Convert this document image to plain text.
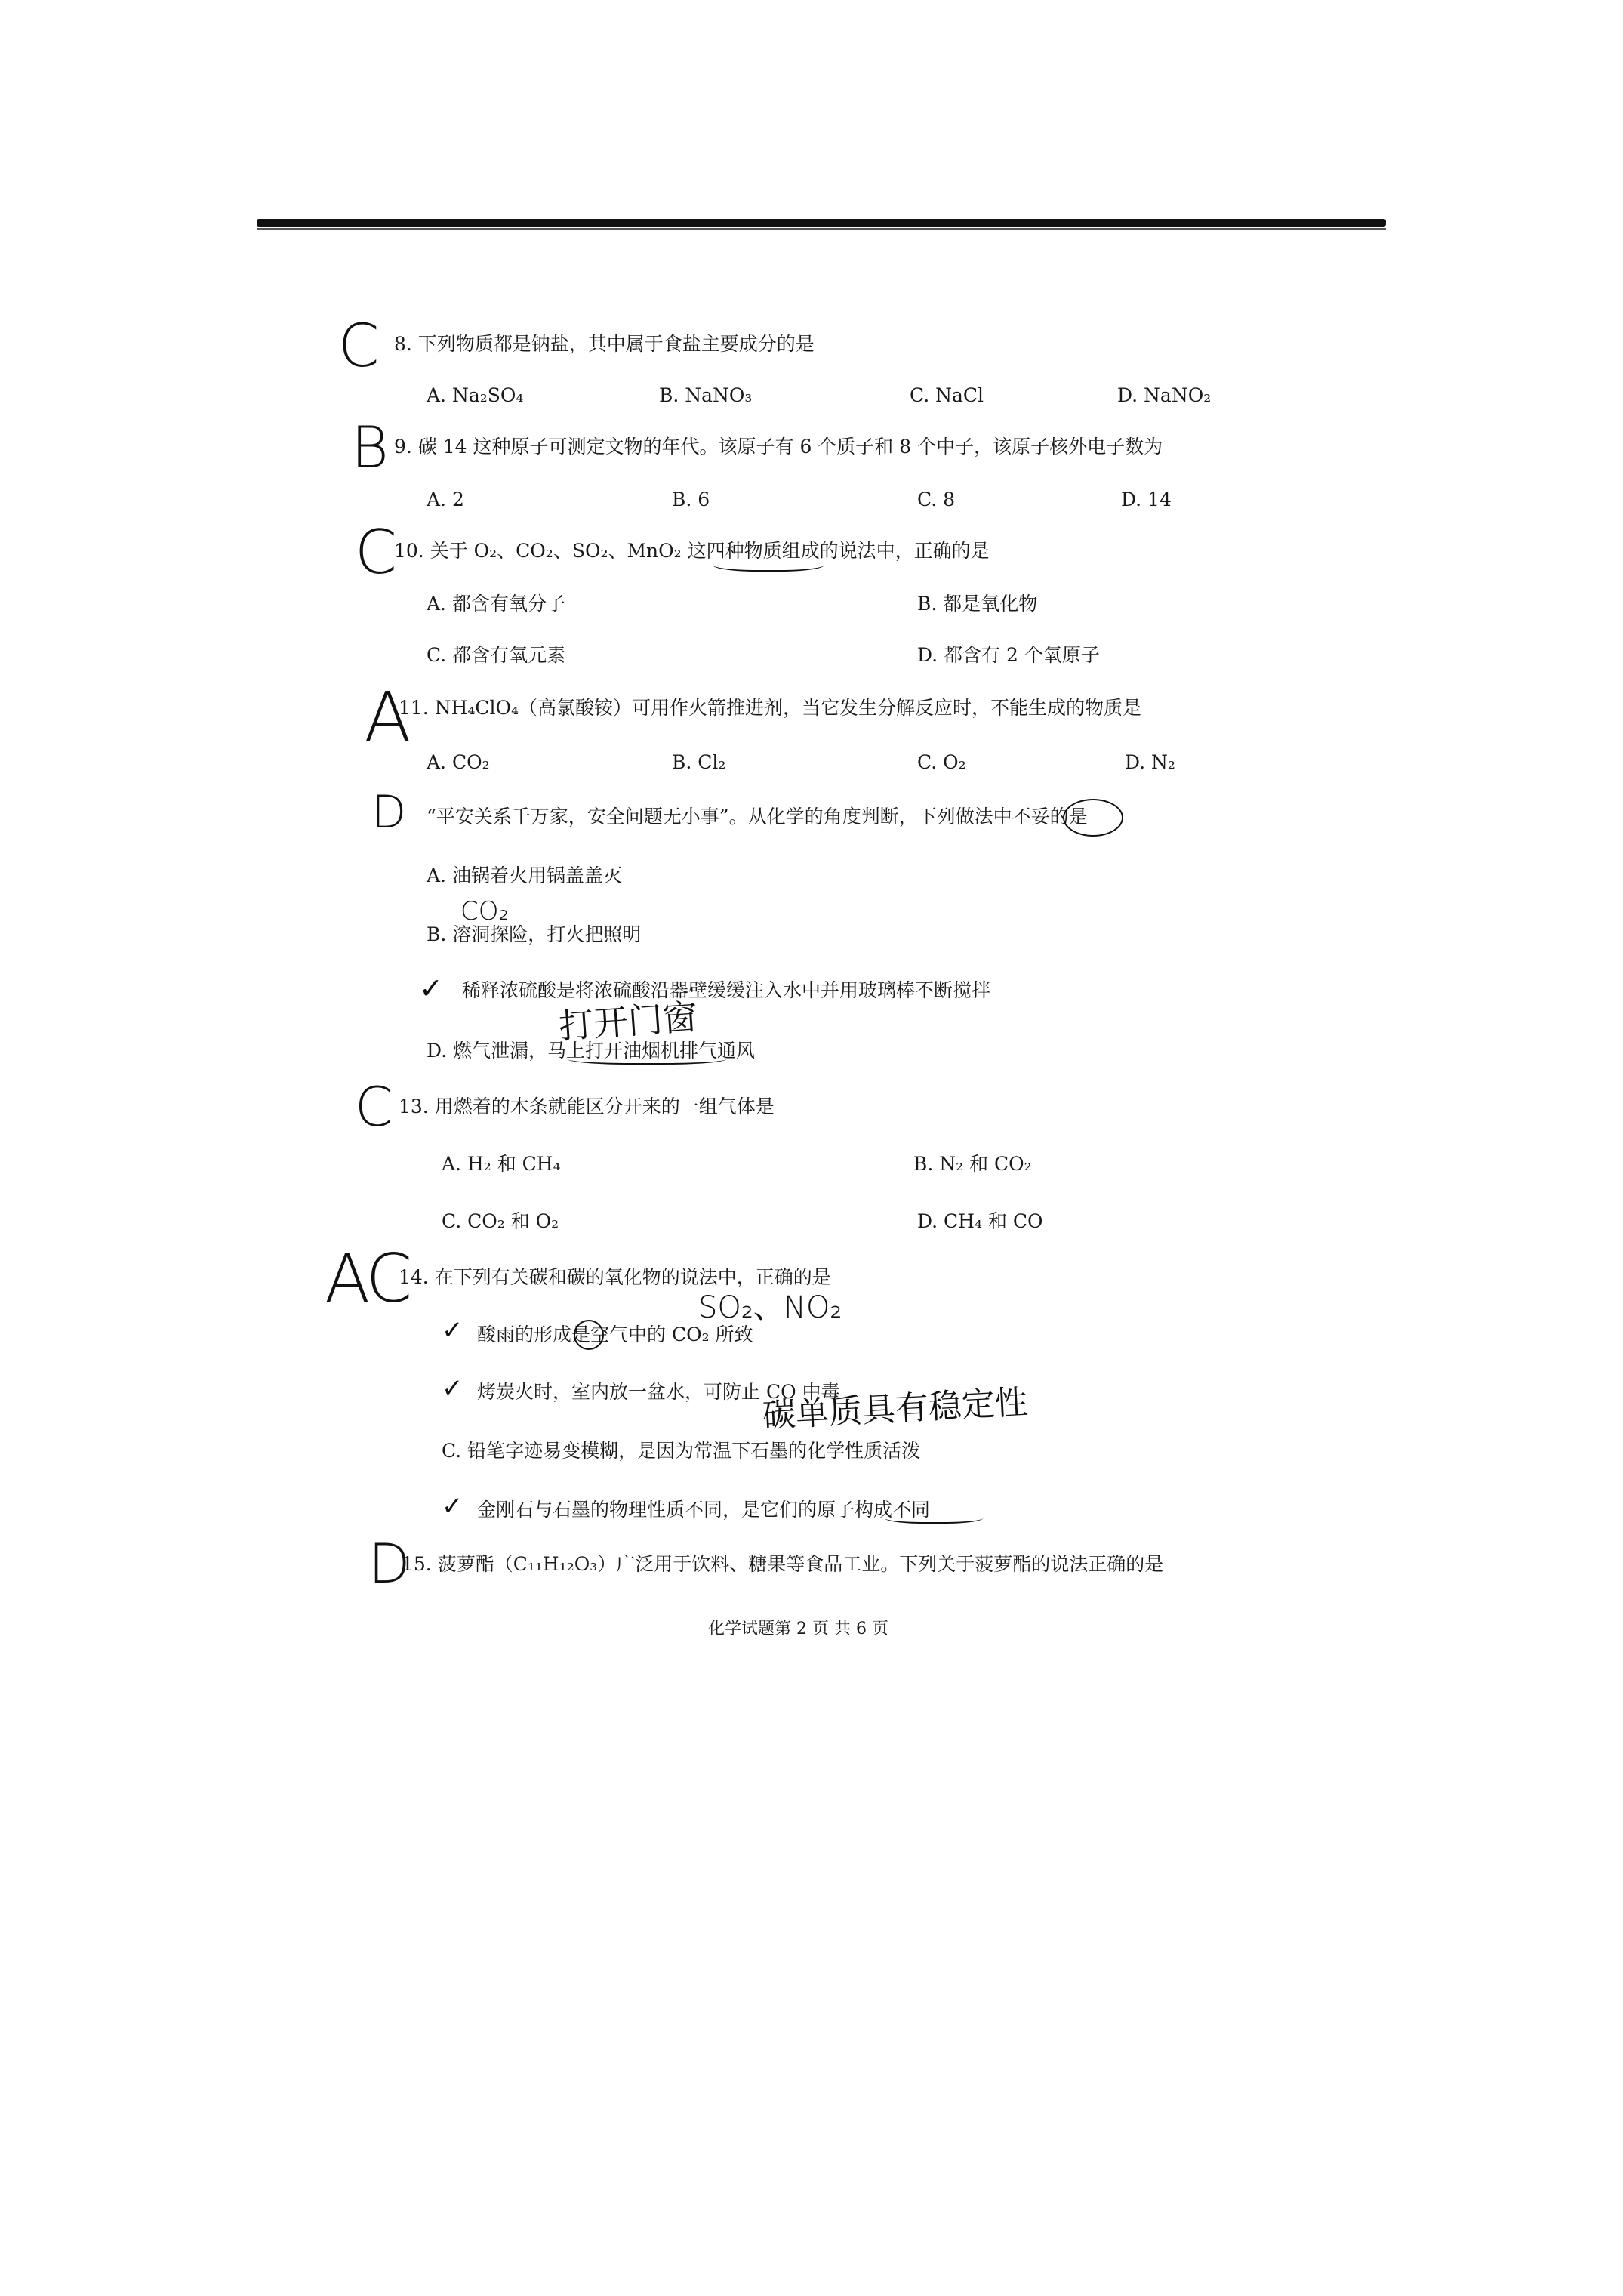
C 8. 下列物质都是钠盐，其中属于食盐主要成分的是
A. Na₂SO₄	B. NaNO₃	C. NaCl	D. NaNO₂
B 9. 碳 14 这种原子可测定文物的年代。该原子有 6 个质子和 8 个中子，该原子核外电子数为
A. 2	B. 6	C. 8	D. 14
C
10. 关于 O₂、CO₂、SO₂、MnO₂ 这四种物质组成的说法中，正确的是
A. 都含有氧分子	B. 都是氧化物
C. 都含有氧元素	D. 都含有 2 个氧原子
A
11. NH₄ClO₄（高氯酸铵）可用作火箭推进剂，当它发生分解反应时，不能生成的物质是
A. CO₂	B. Cl₂	C. O₂	D. N₂
D “平安关系千万家，安全问题无小事”。从化学的角度判断，下列做法中不妥的是
A. 油锅着火用锅盖盖灭
CO₂
B. 溶洞探险，打火把照明
✓ 稀释浓硫酸是将浓硫酸沿器壁缓缓注入水中并用玻璃棒不断搅拌
打开门窗
D. 燃气泄漏，马上打开油烟机排气通风
C 13. 用燃着的木条就能区分开来的一组气体是
A. H₂ 和 CH₄	B. N₂ 和 CO₂
C. CO₂ 和 O₂	D. CH₄ 和 CO
AC
14. 在下列有关碳和碳的氧化物的说法中，正确的是
SO₂、NO₂
✓ 酸雨的形成是空气中的 CO₂ 所致
✓ 烤炭火时，室内放一盆水，可防止 CO 中毒
碳单质具有稳定性
C. 铅笔字迹易变模糊，是因为常温下石墨的化学性质活泼
✓ 金刚石与石墨的物理性质不同，是它们的原子构成不同
D
15. 菠萝酯（C₁₁H₁₂O₃）广泛用于饮料、糖果等食品工业。下列关于菠萝酯的说法正确的是
化学试题第 2 页 共 6 页
